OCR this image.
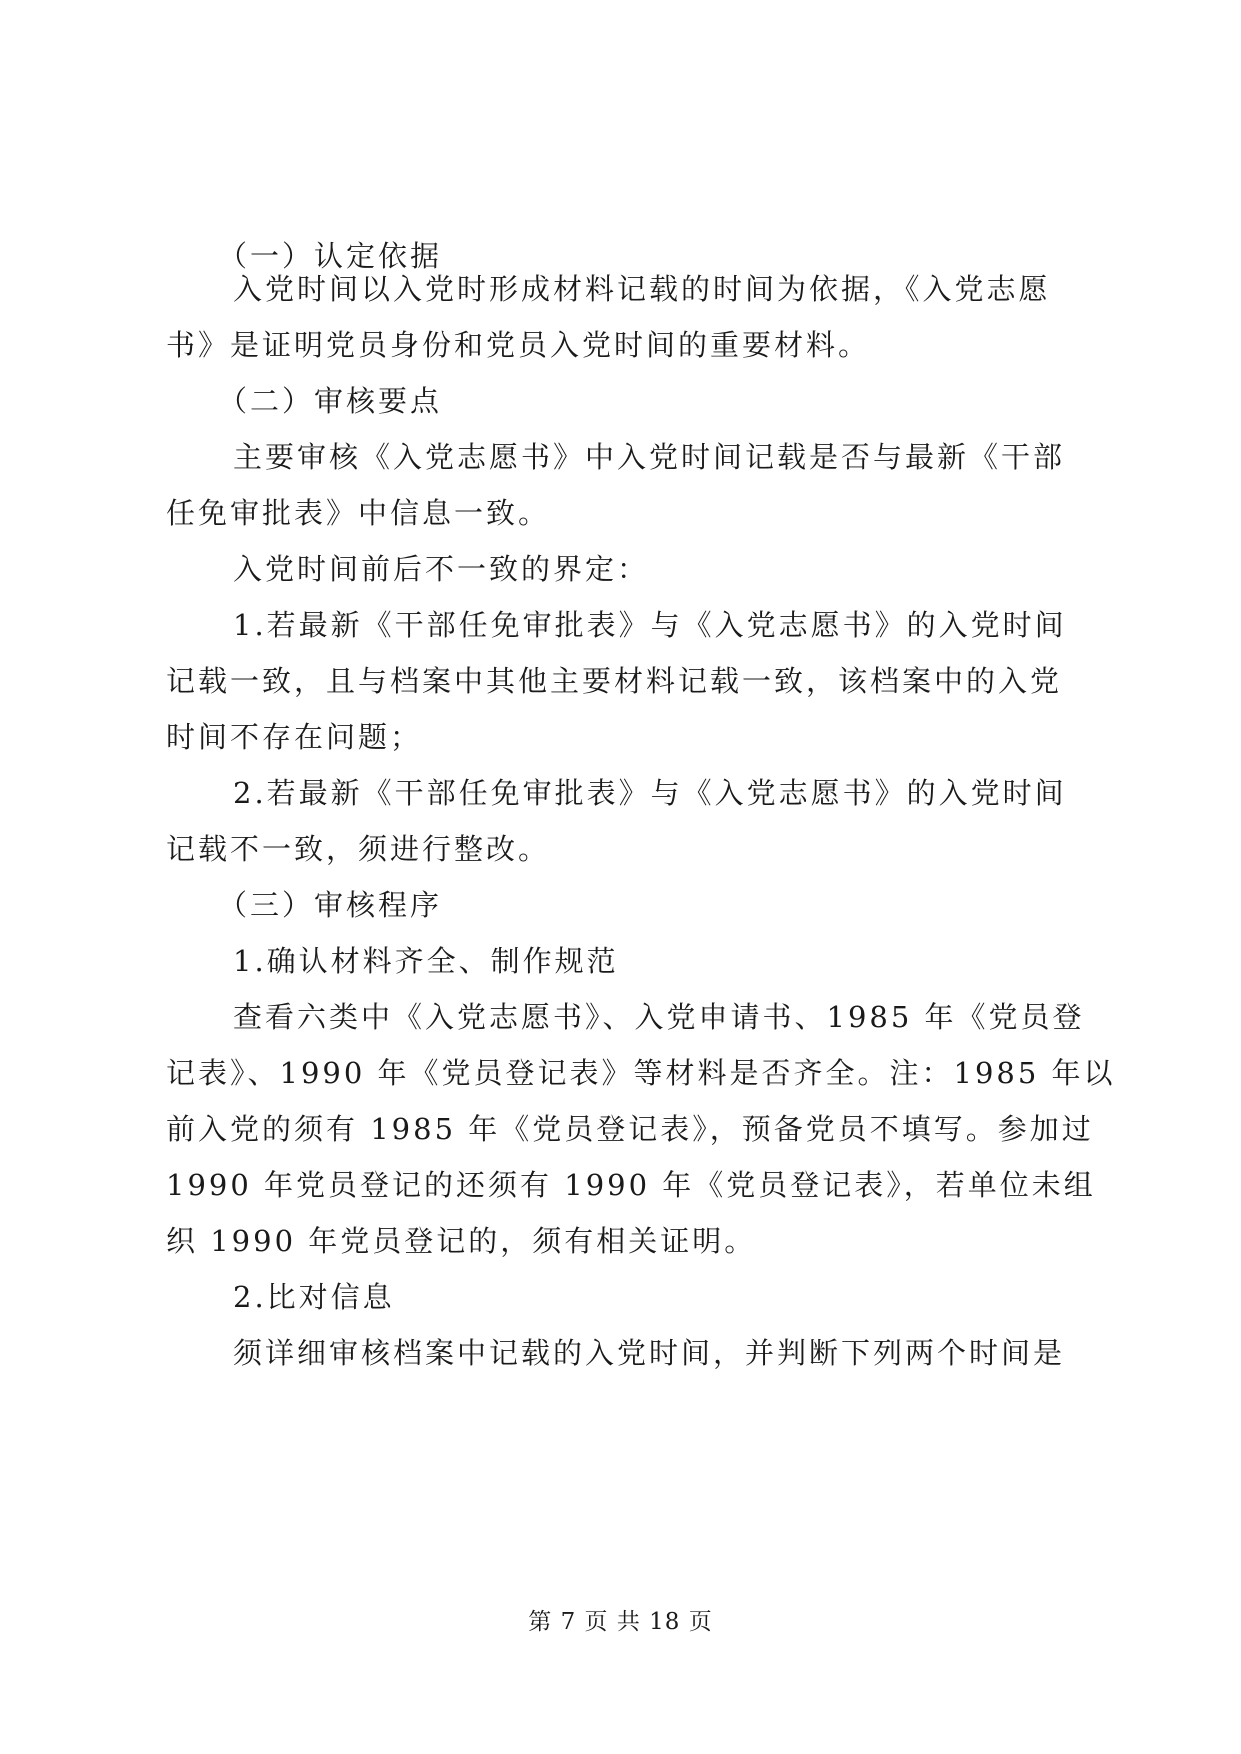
（一）认定依据
入党时间以入党时形成材料记载的时间为依据，《入党志愿
书》是证明党员身份和党员入党时间的重要材料。
（二）审核要点
主要审核《入党志愿书》中入党时间记载是否与最新《干部
任免审批表》中信息一致。
入党时间前后不一致的界定：
1.若最新《干部任免审批表》与《入党志愿书》的入党时间
记载一致，且与档案中其他主要材料记载一致，该档案中的入党
时间不存在问题；
2.若最新《干部任免审批表》与《入党志愿书》的入党时间
记载不一致，须进行整改。
（三）审核程序
1.确认材料齐全、制作规范
查看六类中《入党志愿书》、入党申请书、1985 年《党员登
记表》、1990 年《党员登记表》等材料是否齐全。注：1985 年以
前入党的须有 1985 年《党员登记表》，预备党员不填写。参加过
1990 年党员登记的还须有 1990 年《党员登记表》，若单位未组
织 1990 年党员登记的，须有相关证明。
2.比对信息
须详细审核档案中记载的入党时间，并判断下列两个时间是
第 7 页 共 18 页
